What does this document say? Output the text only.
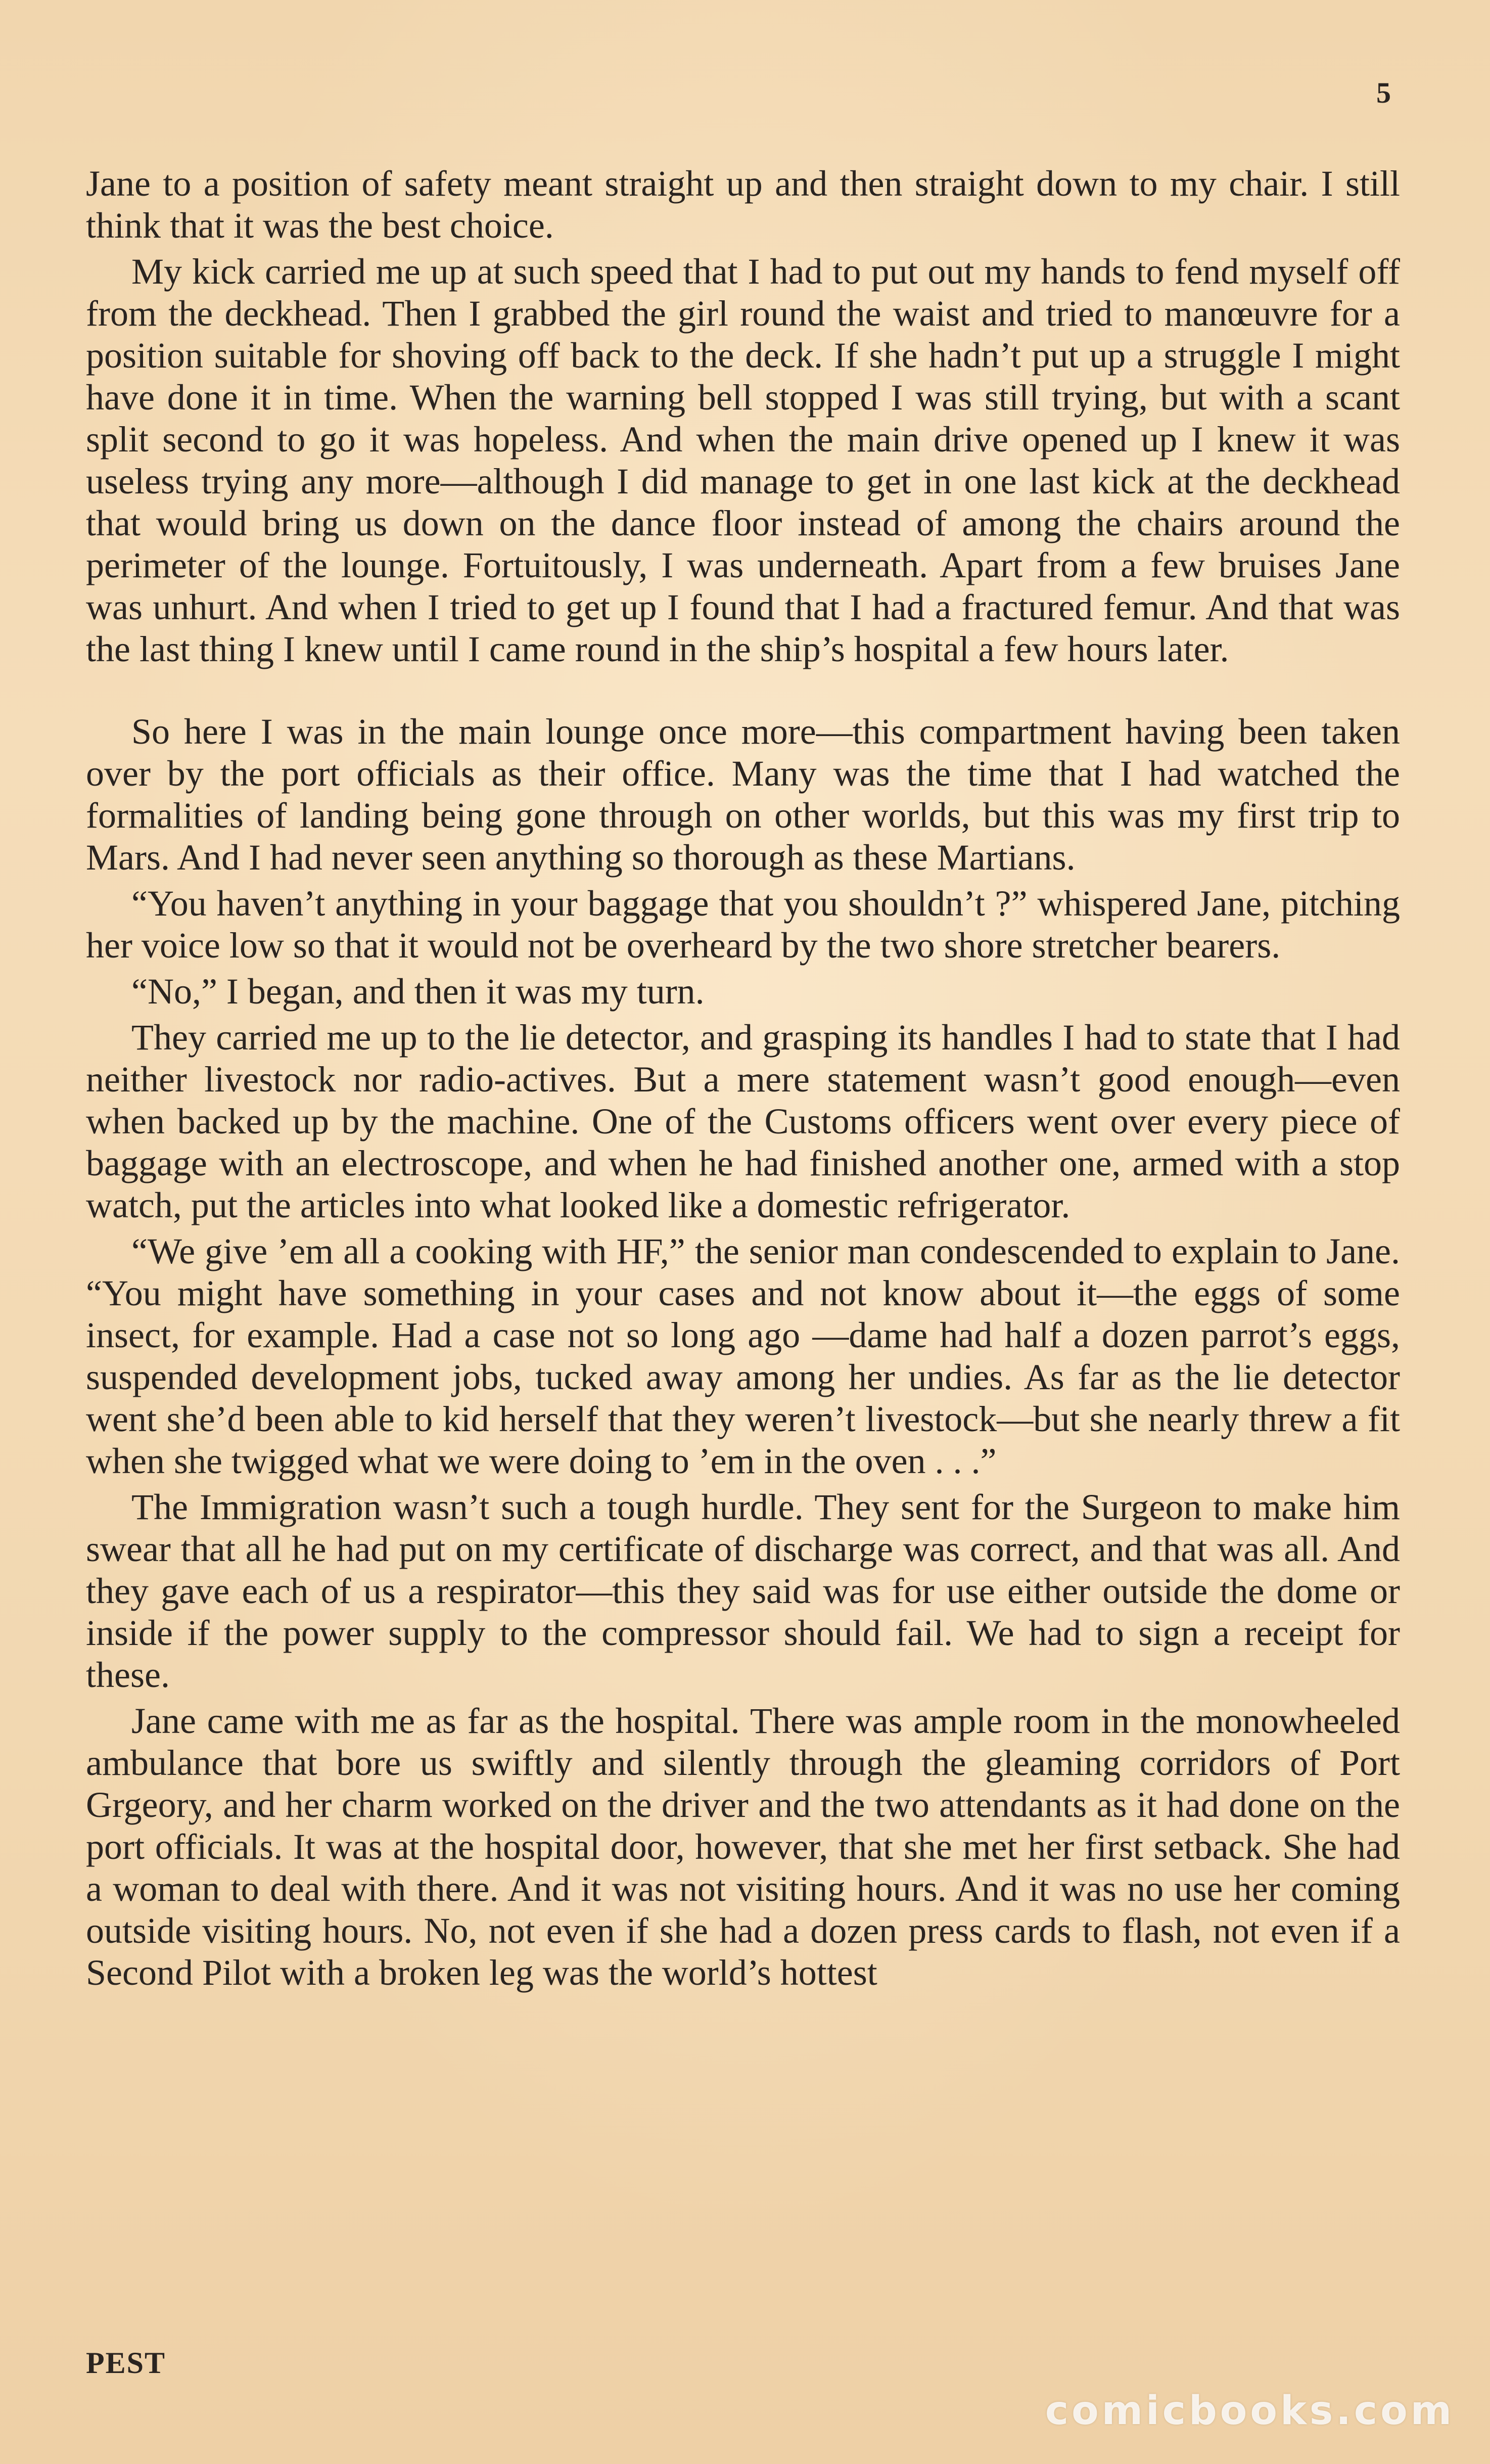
5

Jane to a position of safety meant straight up and then straight down to my chair. I still think that it was the best choice.

My kick carried me up at such speed that I had to put out my hands to fend myself off from the deckhead. Then I grabbed the girl round the waist and tried to manœuvre for a position suitable for shoving off back to the deck. If she hadn’t put up a struggle I might have done it in time. When the warning bell stopped I was still trying, but with a scant split second to go it was hopeless. And when the main drive opened up I knew it was useless trying any more—although I did manage to get in one last kick at the deckhead that would bring us down on the dance floor instead of among the chairs around the perimeter of the lounge. Fortuitously, I was underneath. Apart from a few bruises Jane was unhurt. And when I tried to get up I found that I had a fractured femur. And that was the last thing I knew until I came round in the ship’s hospital a few hours later.

So here I was in the main lounge once more—this compartment having been taken over by the port officials as their office. Many was the time that I had watched the formalities of landing being gone through on other worlds, but this was my first trip to Mars. And I had never seen anything so thorough as these Martians.

“You haven’t anything in your baggage that you shouldn’t ?” whispered Jane, pitching her voice low so that it would not be overheard by the two shore stretcher bearers.

“No,” I began, and then it was my turn.

They carried me up to the lie detector, and grasping its handles I had to state that I had neither livestock nor radio-actives. But a mere statement wasn’t good enough—even when backed up by the machine. One of the Customs officers went over every piece of baggage with an electroscope, and when he had finished another one, armed with a stop watch, put the articles into what looked like a domestic refrigerator.

“We give ’em all a cooking with HF,” the senior man condescended to explain to Jane. “You might have something in your cases and not know about it—the eggs of some insect, for example. Had a case not so long ago —dame had half a dozen parrot’s eggs, suspended development jobs, tucked away among her undies. As far as the lie detector went she’d been able to kid herself that they weren’t livestock—but she nearly threw a fit when she twigged what we were doing to ’em in the oven . . .”

The Immigration wasn’t such a tough hurdle. They sent for the Surgeon to make him swear that all he had put on my certificate of discharge was correct, and that was all. And they gave each of us a respirator—this they said was for use either outside the dome or inside if the power supply to the compressor should fail. We had to sign a receipt for these.

Jane came with me as far as the hospital. There was ample room in the monowheeled ambulance that bore us swiftly and silently through the gleaming corridors of Port Grgeory, and her charm worked on the driver and the two attendants as it had done on the port officials. It was at the hospital door, however, that she met her first setback. She had a woman to deal with there. And it was not visiting hours. And it was no use her coming outside visiting hours. No, not even if she had a dozen press cards to flash, not even if a Second Pilot with a broken leg was the world’s hottest

PEST
comicbooks.com
